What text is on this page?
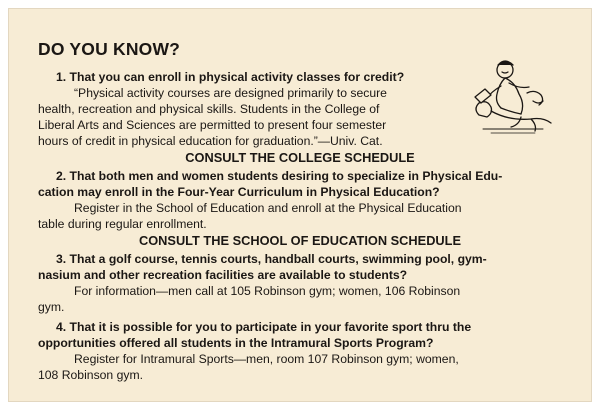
DO YOU KNOW?
1. That you can enroll in physical activity classes for credit?
“Physical activity courses are designed primarily to secure
health, recreation and physical skills. Students in the College of
Liberal Arts and Sciences are permitted to present four semester
hours of credit in physical education for graduation.”—Univ. Cat.
CONSULT THE COLLEGE SCHEDULE
2. That both men and women students desiring to specialize in Physical Edu-
cation may enroll in the Four-Year Curriculum in Physical Education?
Register in the School of Education and enroll at the Physical Education
table during regular enrollment.
CONSULT THE SCHOOL OF EDUCATION SCHEDULE
3. That a golf course, tennis courts, handball courts, swimming pool, gym-
nasium and other recreation facilities are available to students?
For information—men call at 105 Robinson gym; women, 106 Robinson
gym.
4. That it is possible for you to participate in your favorite sport thru the
opportunities offered all students in the Intramural Sports Program?
Register for Intramural Sports—men, room 107 Robinson gym; women,
108 Robinson gym.
